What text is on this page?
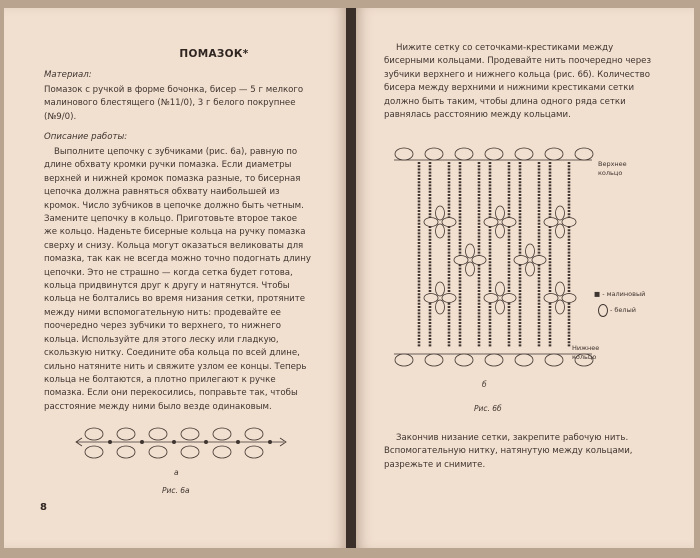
ПОМАЗОК*
Материал:

Помазок с ручкой в форме бочонка, бисер — 5 г мелкого малинового блестящего (№11/0), 3 г белого покрупнее (№9/0).

Описание работы:

Выполните цепочку с зубчиками (рис. 6а), равную по длине обхвату кромки ручки помазка. Если диаметры верхней и нижней кромок помазка разные, то бисерная цепочка должна равняться обхвату наибольшей из кромок. Число зубчиков в цепочке должно быть четным. Замените цепочку в кольцо. Приготовьте второе такое же кольцо. Наденьте бисерные кольца на ручку помазка сверху и снизу. Кольца могут оказаться великоваты для помазка, так как не всегда можно точно подогнать длину цепочки. Это не страшно — когда сетка будет готова, кольца придвинутся друг к другу и натянутся. Чтобы кольца не болтались во время низания сетки, протяните между ними вспомогательную нить: продевайте ее поочередно через зубчики то верхнего, то нижнего кольца. Используйте для этого леску или гладкую, скользкую нитку. Соедините оба кольца по всей длине, сильно натяните нить и свяжите узлом ее концы. Теперь кольца не болтаются, а плотно прилегают к ручке помазка. Если они перекосились, поправьте так, чтобы расстояние между ними было везде одинаковым.

а
Рис. 6а
8

Нижите сетку со сеточками-крестиками между бисерными кольцами. Продевайте нить поочередно через зубчики верхнего и нижнего кольца (рис. 6б). Количество бисера между верхними и нижними крестиками сетки должно быть таким, чтобы длина одного ряда сетки равнялась расстоянию между кольцами.

Верхнее кольцо
Нижнее кольцо
■ - малиновый
- белый
б
Рис. 6б

Закончив низание сетки, закрепите рабочую нить. Вспомогательную нитку, натянутую между кольцами, разрежьте и снимите.
